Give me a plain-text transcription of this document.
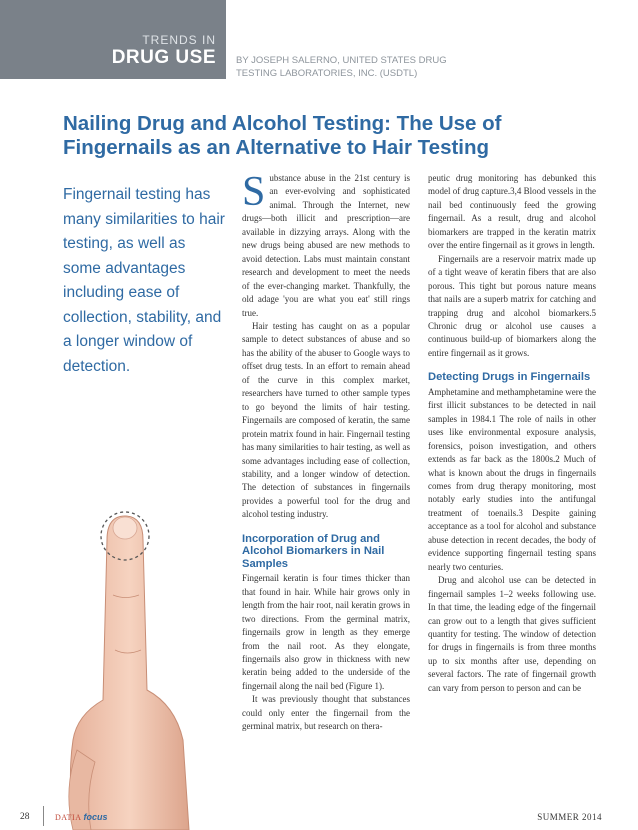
TRENDS IN
DRUG USE BY JOSEPH SALERNO, UNITED STATES DRUG TESTING LABORATORIES, INC. (USDTL)
Nailing Drug and Alcohol Testing: The Use of Fingernails as an Alternative to Hair Testing
Fingernail testing has many similarities to hair testing, as well as some advantages including ease of collection, stability, and a longer window of detection.

Substance abuse in the 21st century is an ever-evolving and sophisticated animal. Through the Internet, new drugs—both illicit and prescription—are available in dizzying arrays. Along with the new drugs being abused are new methods to avoid detection. Labs must maintain constant research and development to meet the needs of the ever-changing market. Thankfully, the old adage 'you are what you eat' still rings true.

Hair testing has caught on as a popular sample to detect substances of abuse and so has the ability of the abuser to Google ways to offset drug tests. In an effort to remain ahead of the curve in this complex market, researchers have turned to other sample types to go beyond the limits of hair testing. Fingernails are composed of keratin, the same protein matrix found in hair. Fingernail testing has many similarities to hair testing, as well as some advantages including ease of collection, stability, and a longer window of detection. The detection of substances in fingernails provides a powerful tool for the drug and alcohol testing industry.

Incorporation of Drug and Alcohol Biomarkers in Nail Samples

Fingernail keratin is four times thicker than that found in hair. While hair grows only in length from the hair root, nail keratin grows in two directions. From the germinal matrix, fingernails grow in length as they emerge from the nail root. As they elongate, fingernails also grow in thickness with new keratin being added to the underside of the fingernail along the nail bed (Figure 1).

It was previously thought that substances could only enter the fingernail from the germinal matrix, but research on thera-

peutic drug monitoring has debunked this model of drug capture.3,4 Blood vessels in the nail bed continuously feed the growing fingernail. As a result, drug and alcohol biomarkers are trapped in the keratin matrix over the entire fingernail as it grows in length.

Fingernails are a reservoir matrix made up of a tight weave of keratin fibers that are also porous. This tight but porous nature means that nails are a superb matrix for catching and trapping drug and alcohol biomarkers.5 Chronic drug or alcohol use causes a continuous build-up of biomarkers along the entire fingernail as it grows.

Detecting Drugs in Fingernails

Amphetamine and methamphetamine were the first illicit substances to be detected in nail samples in 1984.1 The role of nails in other uses like environmental exposure analysis, forensics, poison investigation, and others extends as far back as the 1800s.2 Much of what is known about the drugs in fingernails comes from drug therapy monitoring, most notably early studies into the antifungal treatment of toenails.3 Despite gaining acceptance as a tool for alcohol and substance abuse detection in recent decades, the body of evidence supporting fingernail testing spans nearly two centuries.

Drug and alcohol use can be detected in fingernail samples 1–2 weeks following use. In that time, the leading edge of the fingernail can grow out to a length that gives sufficient quantity for testing. The window of detection for drugs in fingernails is from three months up to six months after use, depending on several factors. The rate of fingernail growth can vary from person to person and can be

28	DATIA focus	SUMMER 2014
